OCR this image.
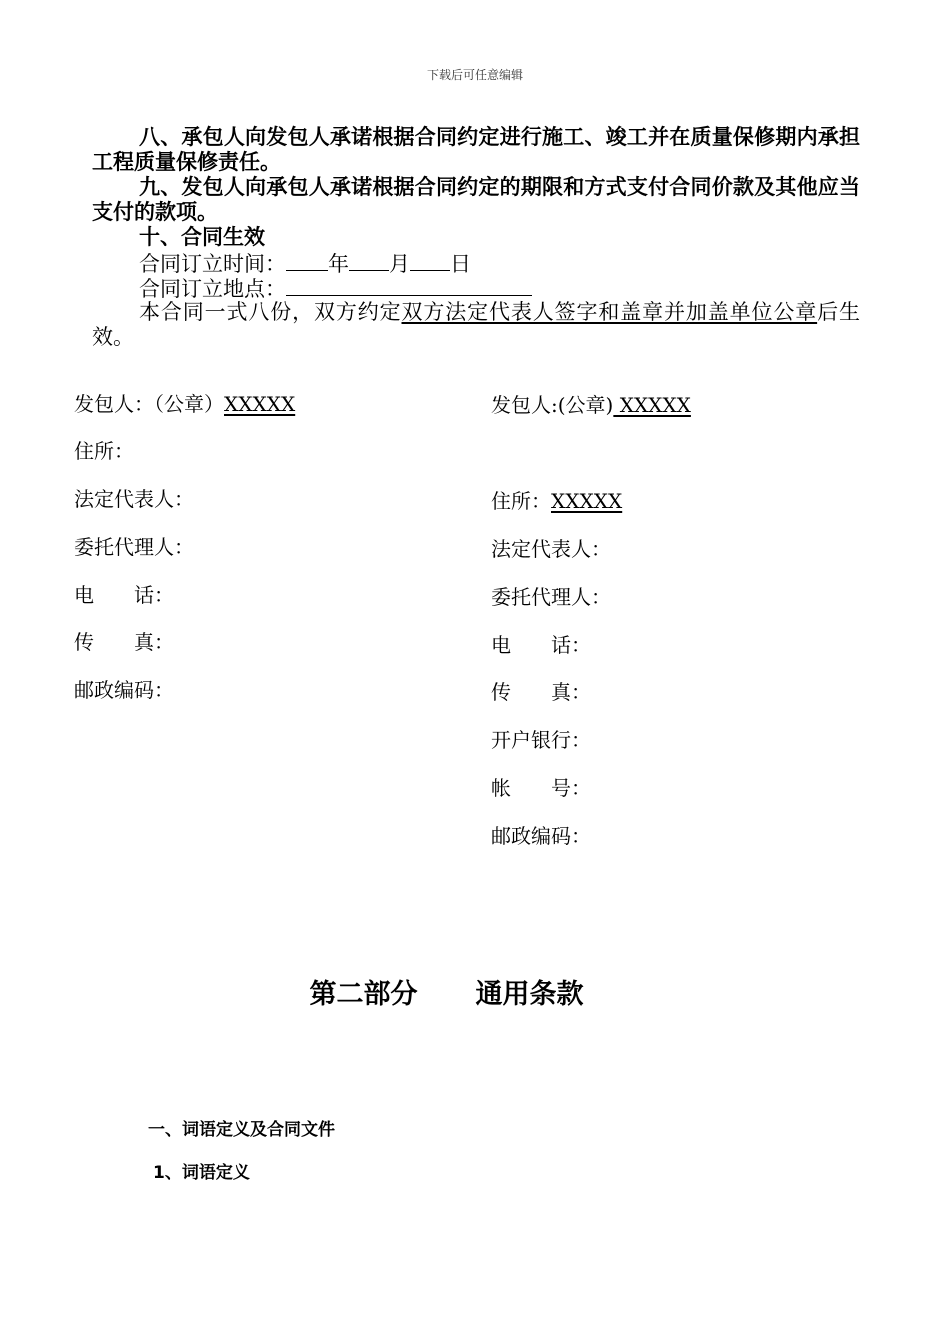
下载后可任意编辑
八、承包人向发包人承诺根据合同约定进行施工、竣工并在质量保修期内承担工程质量保修责任。
九、发包人向承包人承诺根据合同约定的期限和方式支付合同价款及其他应当支付的款项。
十、合同生效
合同订立时间： 年 月 日
合同订立地点：
本合同一式八份，双方约定双方法定代表人签字和盖章并加盖单位公章后生效。
发包人：（公章）XXXXX
住所：
法定代表人：
委托代理人：
电　　话：
传　　真：
邮政编码：
发包人:(公章) XXXXX
住所：XXXXX
法定代表人：
委托代理人：
电　　话：
传　　真：
开户银行：
帐　　号：
邮政编码：
第二部分 通用条款
一、词语定义及合同文件
1、词语定义
